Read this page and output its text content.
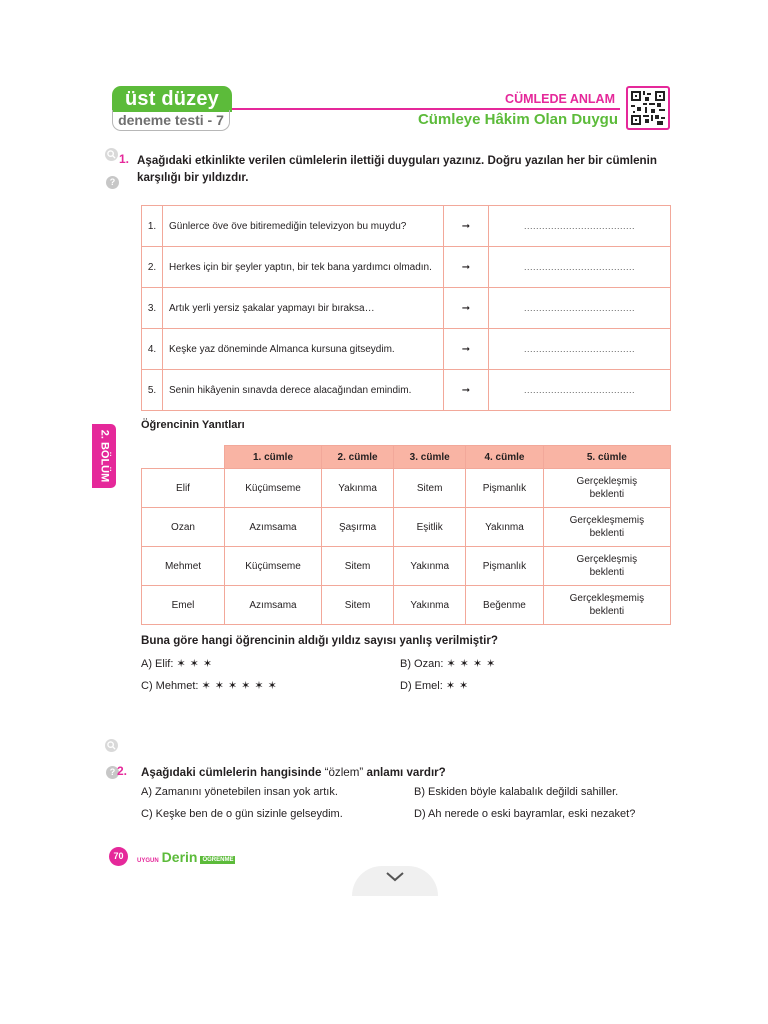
üst düzey
deneme testi - 7
CÜMLEDE ANLAM
Cümleye Hâkim Olan Duygu
2. BÖLÜM
?
1. Aşağıdaki etkinlikte verilen cümlelerin ilettiği duyguları yazınız. Doğru yazılan her bir cümlenin karşılığı bir yıldızdır.
1.	Günlerce öve öve bitiremediğin televizyon bu muydu?	➞	.....................................
2.	Herkes için bir şeyler yaptın, bir tek bana yardımcı olmadın.	➞	.....................................
3.	Artık yerli yersiz şakalar yapmayı bir bıraksa…	➞	.....................................
4.	Keşke yaz döneminde Almanca kursuna gitseydim.	➞	.....................................
5.	Senin hikâyenin sınavda derece alacağından emindim.	➞	.....................................
Öğrencinin Yanıtları
	1. cümle	2. cümle	3. cümle	4. cümle	5. cümle
Elif	Küçümseme	Yakınma	Sitem	Pişmanlık	Gerçekleşmiş
beklenti

Ozan	Azımsama	Şaşırma	Eşitlik	Yakınma	Gerçekleşmemiş
beklenti

Mehmet	Küçümseme	Sitem	Yakınma	Pişmanlık	Gerçekleşmiş
beklenti

Emel	Azımsama	Sitem	Yakınma	Beğenme	Gerçekleşmemiş
beklenti
Buna göre hangi öğrencinin aldığı yıldız sayısı yanlış verilmiştir?
A) Elif: ✶✶✶	B) Ozan: ✶✶✶✶
C) Mehmet: ✶✶✶✶✶✶	D) Emel: ✶✶
? 2. Aşağıdaki cümlelerin hangisinde “özlem” anlamı vardır?
A) Zamanını yönetebilen insan yok artık.	B) Eskiden böyle kalabalık değildi sahiller.
C) Keşke ben de o gün sizinle gelseydim.	D) Ah nerede o eski bayramlar, eski nezaket?
70	UYGUN Derin ÖĞRENME
